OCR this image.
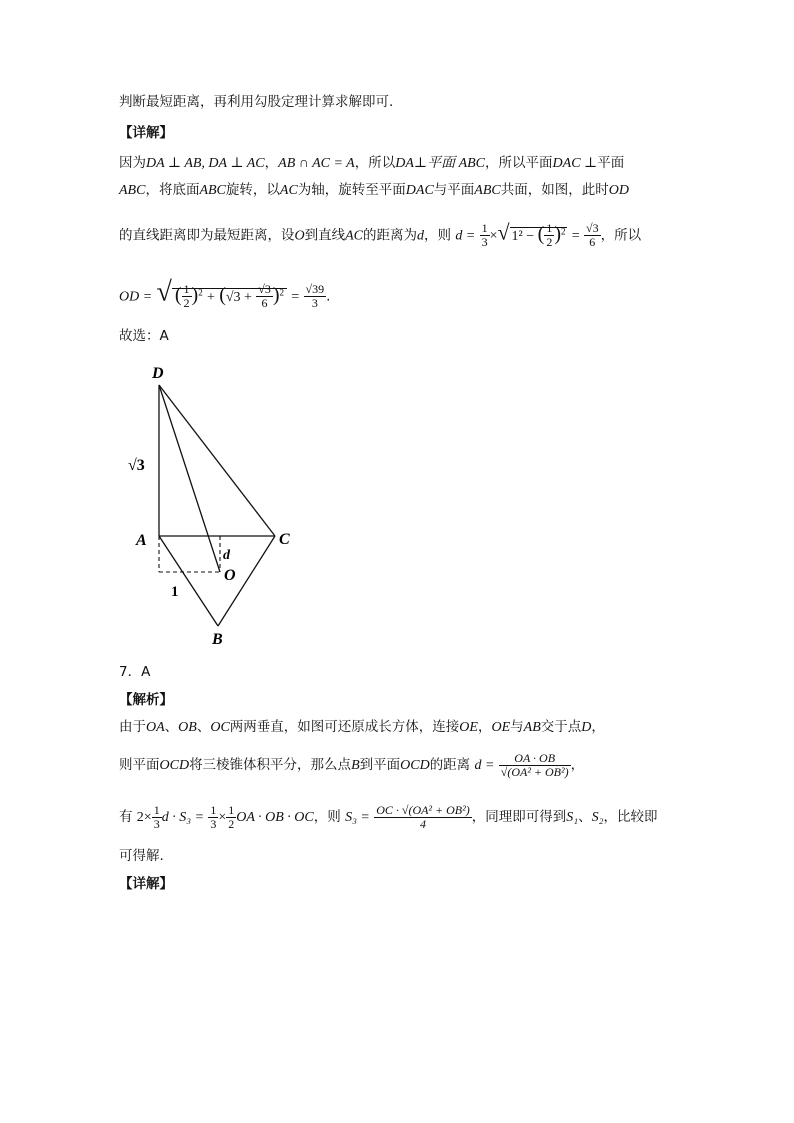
判断最短距离，再利用勾股定理计算求解即可.
【详解】
因为DA ⊥ AB, DA ⊥ AC，AB ∩ AC = A，所以DA⊥平面 ABC，所以平面DAC ⊥平面
ABC，将底面ABC旋转，以AC为轴，旋转至平面DAC与平面ABC共面，如图，此时OD
的直线距离即为最短距离，设O到直线AC的距离为d，则 $d = \frac{1}{3}$ ×√ 1² − ( $\frac{1}{2} )^2 = \frac{√3}{6}$ ，所以
OD = √ ( $\frac{1}{2} )^2 + (√3 + \frac{√3}{6} )^2 = \frac{√39}{3}$ .
故选：A
D
A	C
O
B
d
1
√3
7．A
【解析】
由于OA、OB、OC两两垂直，如图可还原成长方体，连接OE，OE与AB交于点D，
则平面OCD将三棱锥体积平分，那么点B到平面OCD的距离 $d = \frac{OA \cdot OB}{\text{√(OA² + OB²)}}$ ，
有 $2\times \frac{1}{3}$ $d \cdot S_3 = \frac{1}{3} \times \frac{1}{2}$ OA · OB · OC，则 $S_3 = \frac{\text{OC · √(OA² + OB²)}}{4}$ ，同理即可得到S₁、S₂，比较即
可得解.
【详解】
